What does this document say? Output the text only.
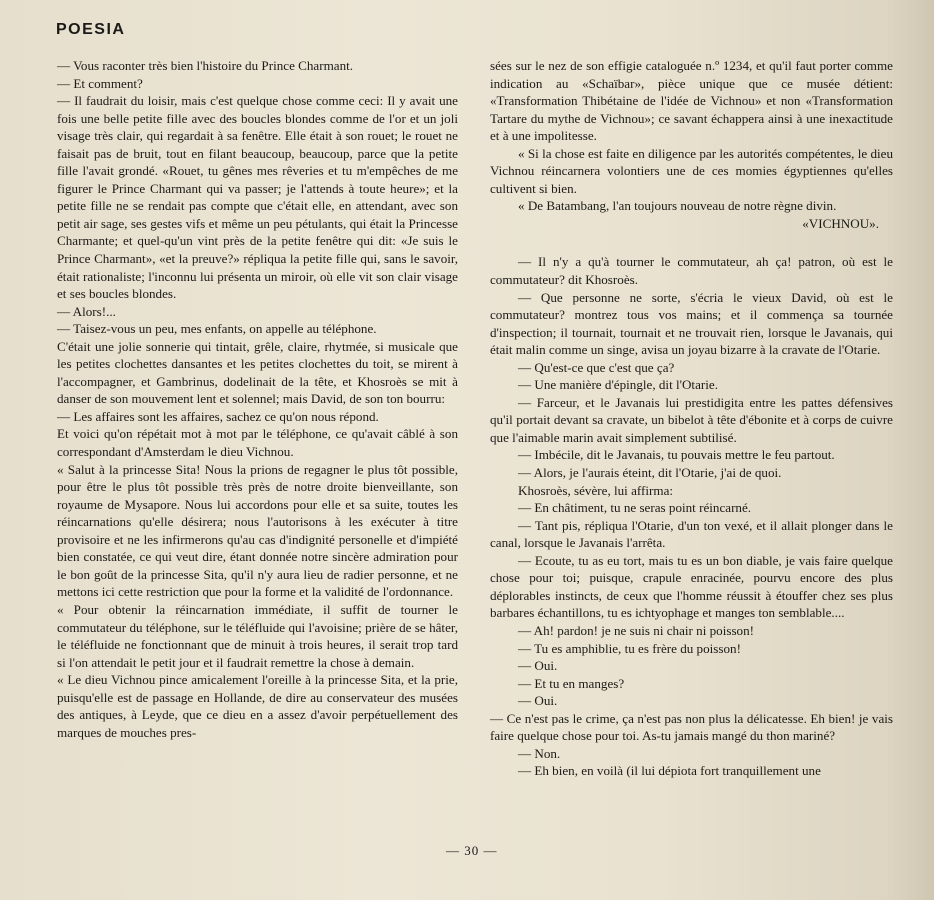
POESIA

— Vous raconter très bien l'histoire du Prince Charmant.

— Et comment?

— Il faudrait du loisir, mais c'est quelque chose comme ceci: Il y avait une fois une belle petite fille avec des boucles blondes comme de l'or et un joli visage très clair, qui regardait à sa fenêtre. Elle était à son rouet; le rouet ne faisait pas de bruit, tout en filant beaucoup, beaucoup, parce que la petite fille l'avait grondé. «Rouet, tu gênes mes rêveries et tu m'empêches de me figurer le Prince Charmant qui va passer; je l'attends à toute heure»; et la petite fille ne se rendait pas compte que c'était elle, en attendant, avec son petit air sage, ses gestes vifs et même un peu pétulants, qui était la Princesse Charmante; et quel-qu'un vint près de la petite fenêtre qui dit: «Je suis le Prince Charmant», «et la preuve?» répliqua la petite fille qui, sans le savoir, était rationaliste; l'inconnu lui présenta un miroir, où elle vit son clair visage et ses boucles blondes.

— Alors!...

— Taisez-vous un peu, mes enfants, on appelle au téléphone.

C'était une jolie sonnerie qui tintait, grêle, claire, rhytmée, si musicale que les petites clochettes dansantes et les petites clochettes du toit, se mirent à l'accompagner, et Gambrinus, dodelinait de la tête, et Khosroès se mit à danser de son mouvement lent et solennel; mais David, de son ton bourru:

— Les affaires sont les affaires, sachez ce qu'on nous répond.

Et voici qu'on répétait mot à mot par le téléphone, ce qu'avait câblé à son correspondant d'Amsterdam le dieu Vichnou.

« Salut à la princesse Sita! Nous la prions de regagner le plus tôt possible, pour être le plus tôt possible très près de notre droite bienveillante, son royaume de Mysapore. Nous lui accordons pour elle et sa suite, toutes les réincarnations qu'elle désirera; nous l'autorisons à les exécuter à titre provisoire et ne les infirmerons qu'au cas d'indignité personelle et d'impiété bien constatée, ce qui veut dire, étant donnée notre sincère admiration pour le bon goût de la princesse Sita, qu'il n'y aura lieu de radier personne, et ne mettons ici cette restriction que pour la forme et la validité de l'ordonnance.

« Pour obtenir la réincarnation immédiate, il suffit de tourner le commutateur du téléphone, sur le téléfluide qui l'avoisine; prière de se hâter, le téléfluide ne fonctionnant que de minuit à trois heures, il serait trop tard si l'on attendait le petit jour et il faudrait remettre la chose à demain.

« Le dieu Vichnou pince amicalement l'oreille à la princesse Sita, et la prie, puisqu'elle est de passage en Hollande, de dire au conservateur des musées des antiques, à Leyde, que ce dieu en a assez d'avoir perpétuellement des marques de mouches pres-

sées sur le nez de son effigie cataloguée n.º 1234, et qu'il faut porter comme indication au «Schaïbar», pièce unique que ce musée détient: «Transformation Thibétaine de l'idée de Vichnou» et non «Transformation Tartare du mythe de Vichnou»; ce savant échappera ainsi à une inexactitude et à une impolitesse.

« Si la chose est faite en diligence par les autorités compétentes, le dieu Vichnou réincarnera volontiers une de ces momies égyptiennes qu'elles cultivent si bien.

« De Batambang, l'an toujours nouveau de notre règne divin.

«VICHNOU».

— Il n'y a qu'à tourner le commutateur, ah ça! patron, où est le commutateur? dit Khosroès.

— Que personne ne sorte, s'écria le vieux David, où est le commutateur? montrez tous vos mains; et il commença sa tournée d'inspection; il tournait, tournait et ne trouvait rien, lorsque le Javanais, qui était malin comme un singe, avisa un joyau bizarre à la cravate de l'Otarie.

— Qu'est-ce que c'est que ça?

— Une manière d'épingle, dit l'Otarie.

— Farceur, et le Javanais lui prestidigita entre les pattes défensives qu'il portait devant sa cravate, un bibelot à tête d'ébonite et à corps de cuivre que l'aimable marin avait simplement subtilisé.

— Imbécile, dit le Javanais, tu pouvais mettre le feu partout.

— Alors, je l'aurais éteint, dit l'Otarie, j'ai de quoi.

Khosroès, sévère, lui affirma:

— En châtiment, tu ne seras point réincarné.

— Tant pis, répliqua l'Otarie, d'un ton vexé, et il allait plonger dans le canal, lorsque le Javanais l'arrêta.

— Ecoute, tu as eu tort, mais tu es un bon diable, je vais faire quelque chose pour toi; puisque, crapule enracinée, pourvu encore des plus déplorables instincts, de ceux que l'homme réussit à étouffer chez ses plus barbares échantillons, tu es ichtyophage et manges ton semblable....

— Ah! pardon! je ne suis ni chair ni poisson!

— Tu es amphiblie, tu es frère du poisson!

— Oui.

— Et tu en manges?

— Oui.

— Ce n'est pas le crime, ça n'est pas non plus la délicatesse. Eh bien! je vais faire quelque chose pour toi. As-tu jamais mangé du thon mariné?

— Non.

— Eh bien, en voilà (il lui dépiota fort tranquillement une

— 30 —
